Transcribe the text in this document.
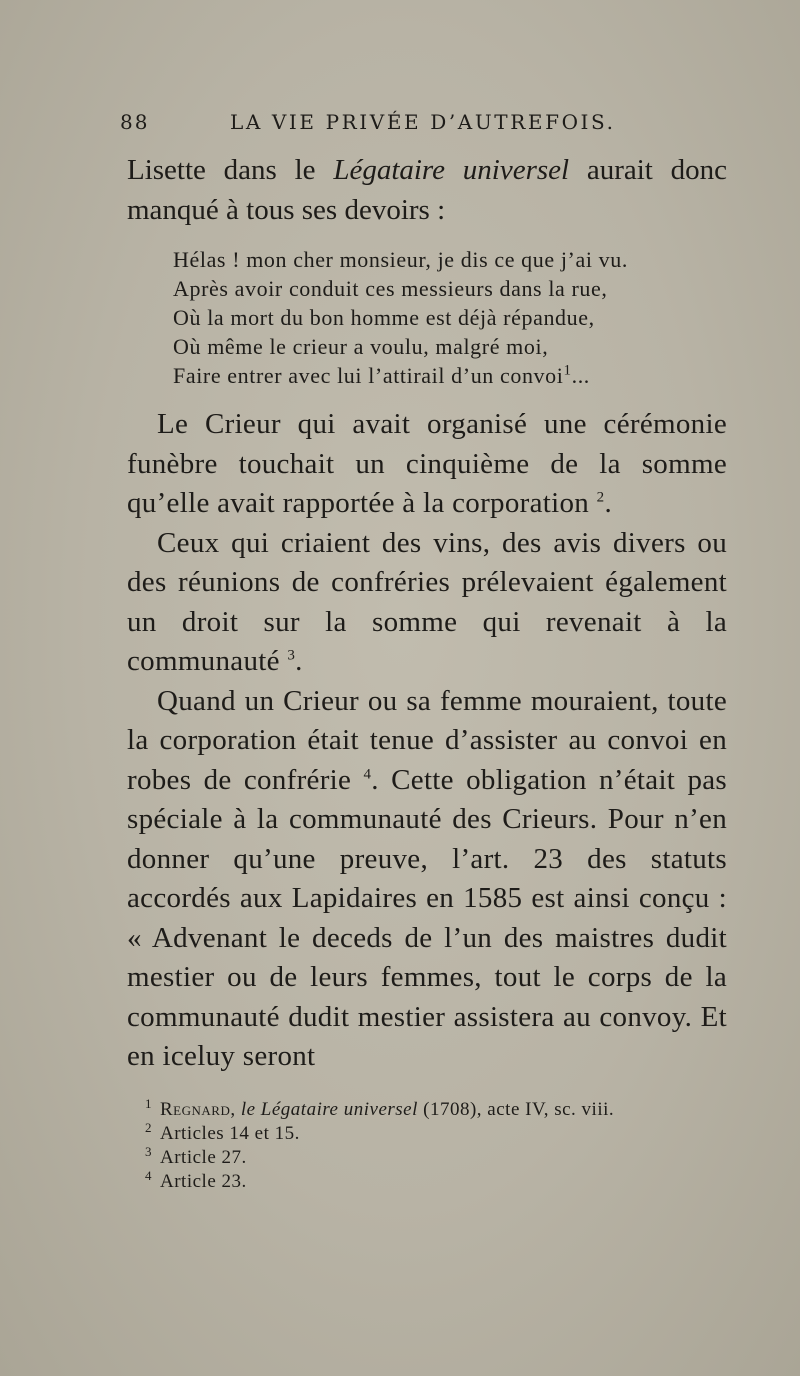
88	LA VIE PRIVÉE D’AUTREFOIS.
Lisette dans le Légataire universel aurait donc manqué à tous ses devoirs :
Hélas ! mon cher monsieur, je dis ce que j’ai vu.
Après avoir conduit ces messieurs dans la rue,
Où la mort du bon homme est déjà répandue,
Où même le crieur a voulu, malgré moi,
Faire entrer avec lui l’attirail d’un convoi$^1$...

Le Crieur qui avait organisé une cérémonie funèbre touchait un cinquième de la somme qu’elle avait rapportée à la corporation $^2$.

Ceux qui criaient des vins, des avis divers ou des réunions de confréries prélevaient également un droit sur la somme qui revenait à la communauté $^3$.

Quand un Crieur ou sa femme mouraient, toute la corporation était tenue d’assister au convoi en robes de confrérie $^4$. Cette obligation n’était pas spéciale à la communauté des Crieurs. Pour n’en donner qu’une preuve, l’art. 23 des statuts accordés aux Lapidaires en 1585 est ainsi conçu : « Advenant le deceds de l’un des maistres dudit mestier ou de leurs femmes, tout le corps de la communauté dudit mestier assistera au convoy. Et en iceluy seront

$^1$ Regnard, le Légataire universel (1708), acte IV, sc. viii.
$^2$ Articles 14 et 15.
$^3$ Article 27.
$^4$ Article 23.
